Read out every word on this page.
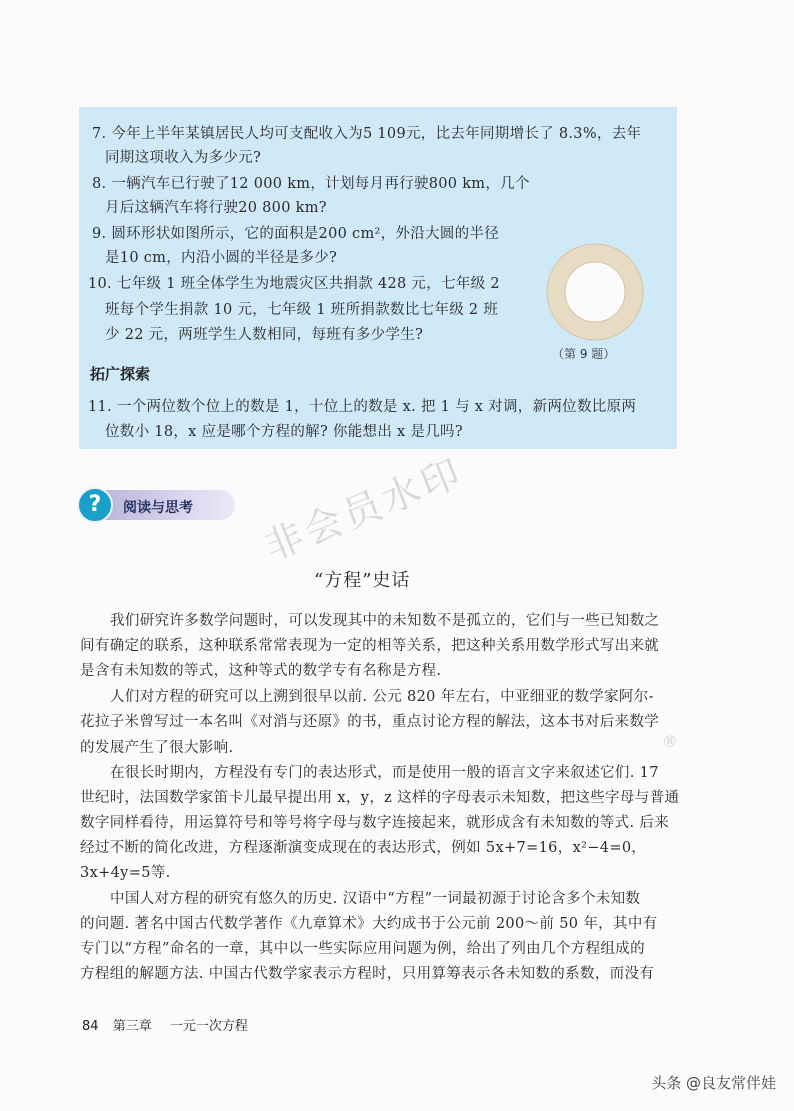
7. 今年上半年某镇居民人均可支配收入为5 109元，比去年同期增长了 8.3%，去年
同期这项收入为多少元?
8. 一辆汽车已行驶了12 000 km，计划每月再行驶800 km，几个
月后这辆汽车将行驶20 800 km?
9. 圆环形状如图所示，它的面积是200 cm²，外沿大圆的半径
是10 cm，内沿小圆的半径是多少?
10. 七年级 1 班全体学生为地震灾区共捐款 428 元，七年级 2
班每个学生捐款 10 元，七年级 1 班所捐款数比七年级 2 班
少 22 元，两班学生人数相同，每班有多少学生?
（第 9 题）
拓广探索
11. 一个两位数个位上的数是 1，十位上的数是 x. 把 1 与 x 对调，新两位数比原两
位数小 18，x 应是哪个方程的解? 你能想出 x 是几吗?
?	阅读与思考 非会员水印
®
“方程”史话
我们研究许多数学问题时，可以发现其中的未知数不是孤立的，它们与一些已知数之
间有确定的联系，这种联系常常表现为一定的相等关系，把这种关系用数学形式写出来就
是含有未知数的等式，这种等式的数学专有名称是方程.
人们对方程的研究可以上溯到很早以前. 公元 820 年左右，中亚细亚的数学家阿尔-
花拉子米曾写过一本名叫《对消与还原》的书，重点讨论方程的解法，这本书对后来数学
的发展产生了很大影响.
在很长时期内，方程没有专门的表达形式，而是使用一般的语言文字来叙述它们. 17
世纪时，法国数学家笛卡儿最早提出用 x，y，z 这样的字母表示未知数，把这些字母与普通
数字同样看待，用运算符号和等号将字母与数字连接起来，就形成含有未知数的等式. 后来
经过不断的简化改进，方程逐渐演变成现在的表达形式，例如 5x+7=16，x²−4=0，
3x+4y=5等.
中国人对方程的研究有悠久的历史. 汉语中“方程”一词最初源于讨论含多个未知数
的问题. 著名中国古代数学著作《九章算术》大约成书于公元前 200～前 50 年，其中有
专门以“方程”命名的一章，其中以一些实际应用问题为例，给出了列由几个方程组成的
方程组的解题方法. 中国古代数学家表示方程时，只用算筹表示各未知数的系数，而没有
84 第三章 一元一次方程
头条 @良友常伴娃
